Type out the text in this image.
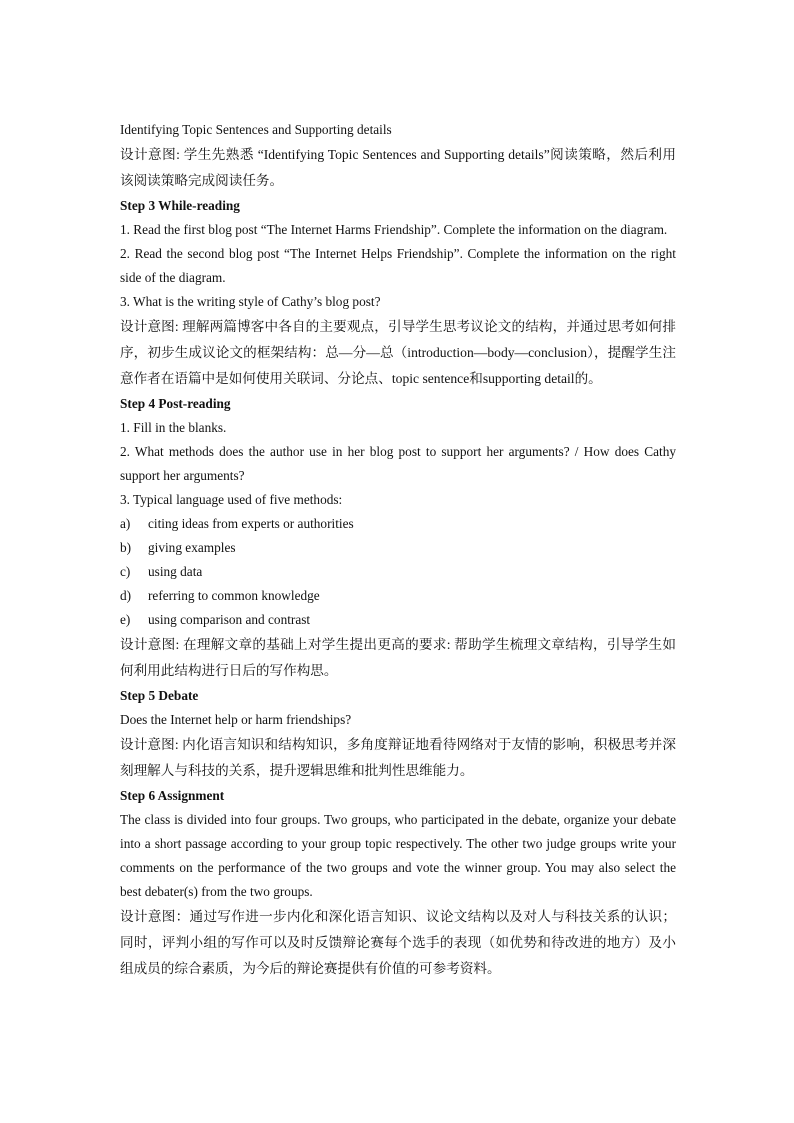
Identifying Topic Sentences and Supporting details

设计意图: 学生先熟悉 “Identifying Topic Sentences and Supporting details”阅读策略，然后利用该阅读策略完成阅读任务。

Step 3 While-reading

1. Read the first blog post “The Internet Harms Friendship”. Complete the information on the diagram.

2. Read the second blog post “The Internet Helps Friendship”. Complete the information on the right side of the diagram.

3. What is the writing style of Cathy’s blog post?

设计意图: 理解两篇博客中各自的主要观点，引导学生思考议论文的结构，并通过思考如何排序，初步生成议论文的框架结构：总—分—总（introduction—body—conclusion），提醒学生注意作者在语篇中是如何使用关联词、分论点、topic sentence和supporting detail的。

Step 4 Post-reading

1. Fill in the blanks.

2. What methods does the author use in her blog post to support her arguments? / How does Cathy support her arguments?

3. Typical language used of five methods:

a)	citing ideas from experts or authorities
b)	giving examples
c)	using data
d)	referring to common knowledge
e)	using comparison and contrast

设计意图: 在理解文章的基础上对学生提出更高的要求: 帮助学生梳理文章结构，引导学生如何利用此结构进行日后的写作构思。

Step 5 Debate

Does the Internet help or harm friendships?

设计意图: 内化语言知识和结构知识，多角度辩证地看待网络对于友情的影响，积极思考并深刻理解人与科技的关系，提升逻辑思维和批判性思维能力。

Step 6 Assignment

The class is divided into four groups. Two groups, who participated in the debate, organize your debate into a short passage according to your group topic respectively. The other two judge groups write your comments on the performance of the two groups and vote the winner group. You may also select the best debater(s) from the two groups.

设计意图：通过写作进一步内化和深化语言知识、议论文结构以及对人与科技关系的认识；同时，评判小组的写作可以及时反馈辩论赛每个选手的表现（如优势和待改进的地方）及小组成员的综合素质，为今后的辩论赛提供有价值的可参考资料。
